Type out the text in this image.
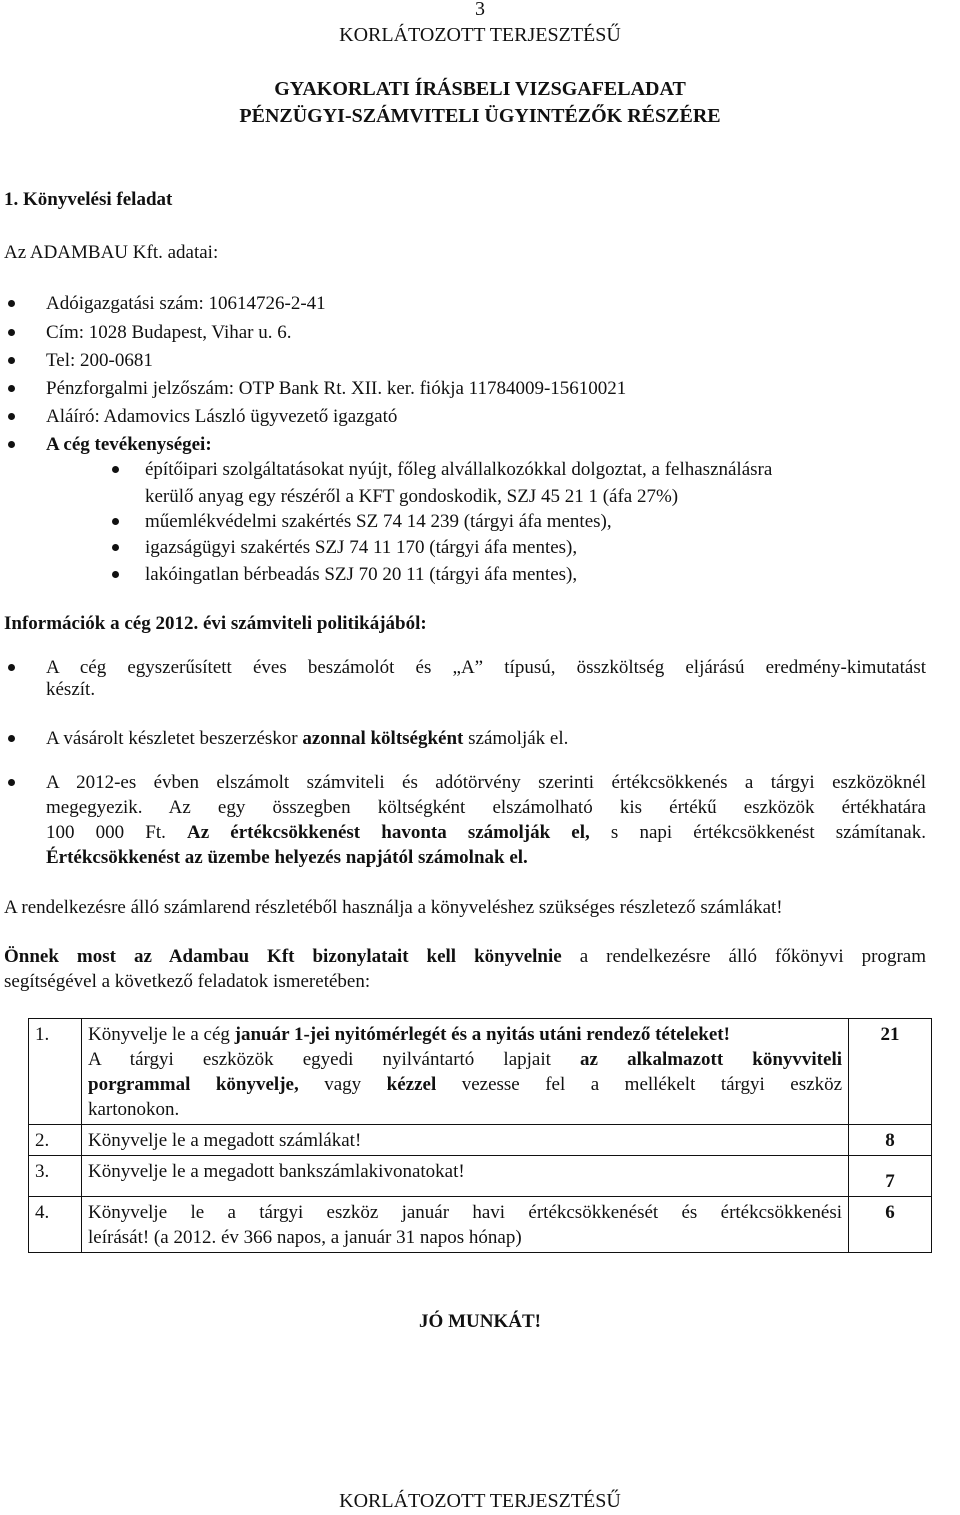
3
KORLÁTOZOTT TERJESZTÉSŰ
GYAKORLATI ÍRÁSBELI VIZSGAFELADAT
PÉNZÜGYI-SZÁMVITELI ÜGYINTÉZŐK RÉSZÉRE
1. Könyvelési feladat
Az ADAMBAU Kft. adatai:
Adóigazgatási szám: 10614726-2-41
Cím: 1028 Budapest, Vihar u. 6.
Tel: 200-0681
Pénzforgalmi jelzőszám: OTP Bank Rt. XII. ker. fiókja 11784009-15610021
Aláíró: Adamovics László ügyvezető igazgató
A cég tevékenységei:
építőipari szolgáltatásokat nyújt, főleg alvállalkozókkal dolgoztat, a felhasználásra
kerülő anyag egy részéről a KFT gondoskodik, SZJ 45 21 1 (áfa 27%)
műemlékvédelmi szakértés SZ 74 14 239 (tárgyi áfa mentes),
igazságügyi szakértés SZJ 74 11 170 (tárgyi áfa mentes),
lakóingatlan bérbeadás SZJ 70 20 11 (tárgyi áfa mentes),
Információk a cég 2012. évi számviteli politikájából:
A cég egyszerűsített éves beszámolót és „A” típusú, összköltség eljárású eredmény-kimutatást
készít.
A vásárolt készletet beszerzéskor azonnal költségként számolják el.
A 2012-es évben elszámolt számviteli és adótörvény szerinti értékcsökkenés a tárgyi eszközöknél
megegyezik. Az egy összegben költségként elszámolható kis értékű eszközök értékhatára
100 000 Ft. Az értékcsökkenést havonta számolják el, s napi értékcsökkenést számítanak.
Értékcsökkenést az üzembe helyezés napjától számolnak el.
A rendelkezésre álló számlarend részletéből használja a könyveléshez szükséges részletező számlákat!
Önnek most az Adambau Kft bizonylatait kell könyvelnie a rendelkezésre álló főkönyvi program
segítségével a következő feladatok ismeretében:
1.	Könyvelje le a cég január 1-jei nyitómérlegét és a nyitás utáni rendező tételeket!
A tárgyi eszközök egyedi nyilvántartó lapjait az alkalmazott könyvviteli
porgrammal könyvelje, vagy kézzel vezesse fel a mellékelt tárgyi eszköz
kartonokon.	21
2.	Könyvelje le a megadott számlákat!	8
3.	Könyvelje le a megadott bankszámlakivonatokat!	7
4.	Könyvelje le a tárgyi eszköz január havi értékcsökkenését és értékcsökkenési
leírását! (a 2012. év 366 napos, a január 31 napos hónap)	6
JÓ MUNKÁT!
KORLÁTOZOTT TERJESZTÉSŰ
